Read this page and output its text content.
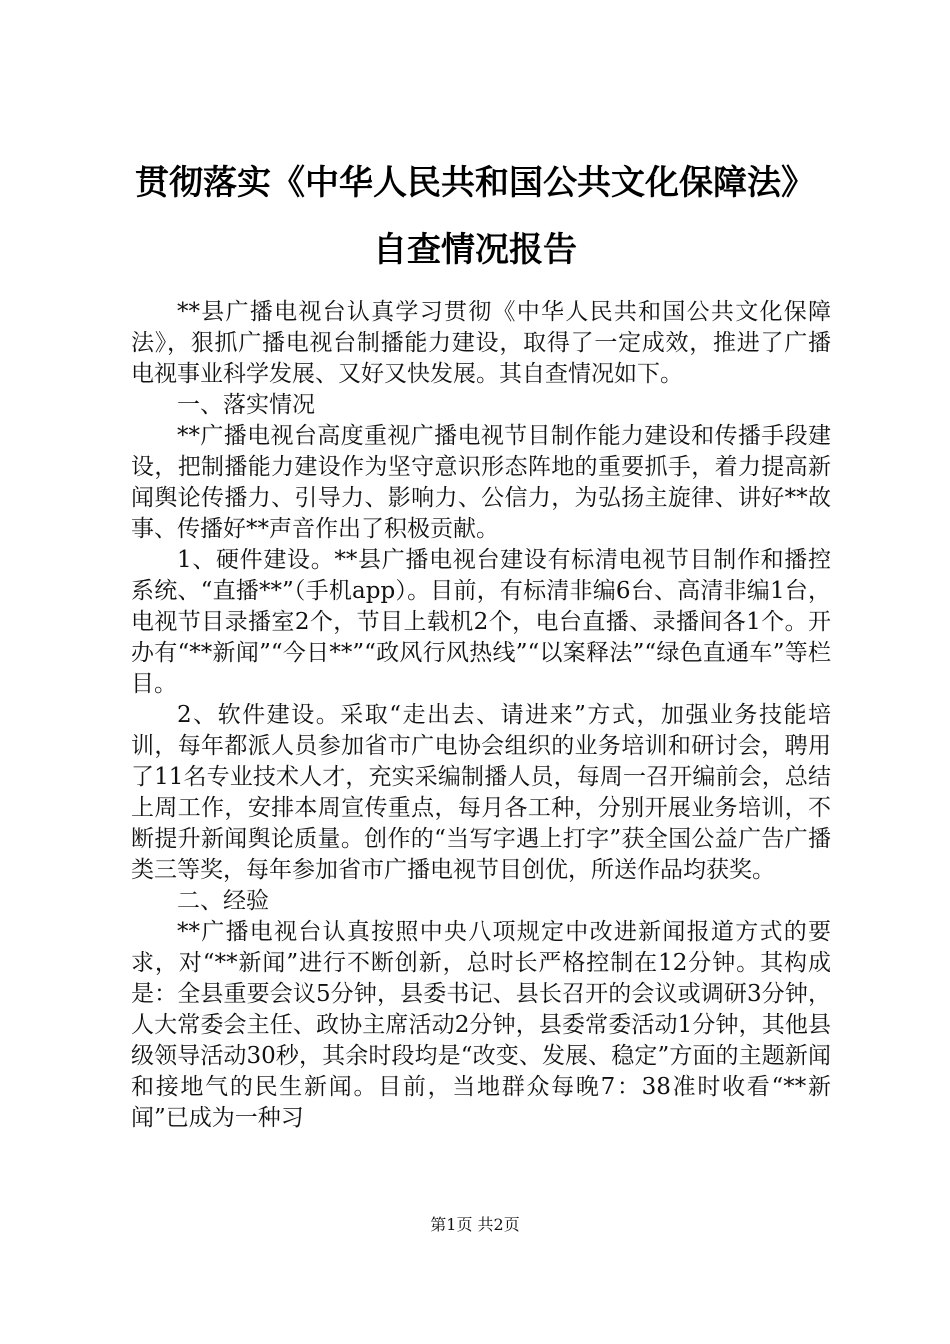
贯彻落实《中华人民共和国公共文化保障法》
自查情况报告

**县广播电视台认真学习贯彻《中华人民共和国公共文化保障法》，狠抓广播电视台制播能力建设，取得了一定成效，推进了广播电视事业科学发展、又好又快发展。其自查情况如下。

一、落实情况

**广播电视台高度重视广播电视节目制作能力建设和传播手段建设，把制播能力建设作为坚守意识形态阵地的重要抓手，着力提高新闻舆论传播力、引导力、影响力、公信力，为弘扬主旋律、讲好**故事、传播好**声音作出了积极贡献。

1、硬件建设。**县广播电视台建设有标清电视节目制作和播控系统、“直播**”（手机app）。目前，有标清非编6台、高清非编1台，电视节目录播室2个，节目上载机2个，电台直播、录播间各1个。开办有“**新闻”“今日**”“政风行风热线”“以案释法”“绿色直通车”等栏目。

2、软件建设。采取“走出去、请进来”方式，加强业务技能培训，每年都派人员参加省市广电协会组织的业务培训和研讨会，聘用了11名专业技术人才，充实采编制播人员，每周一召开编前会，总结上周工作，安排本周宣传重点，每月各工种，分别开展业务培训，不断提升新闻舆论质量。创作的“当写字遇上打字”获全国公益广告广播类三等奖，每年参加省市广播电视节目创优，所送作品均获奖。

二、经验

**广播电视台认真按照中央八项规定中改进新闻报道方式的要求，对“**新闻”进行不断创新，总时长严格控制在12分钟。其构成是：全县重要会议5分钟，县委书记、县长召开的会议或调研3分钟，人大常委会主任、政协主席活动2分钟，县委常委活动1分钟，其他县级领导活动30秒，其余时段均是“改变、发展、稳定”方面的主题新闻和接地气的民生新闻。目前，当地群众每晚7：38准时收看“**新闻”已成为一种习

第1页 共2页
